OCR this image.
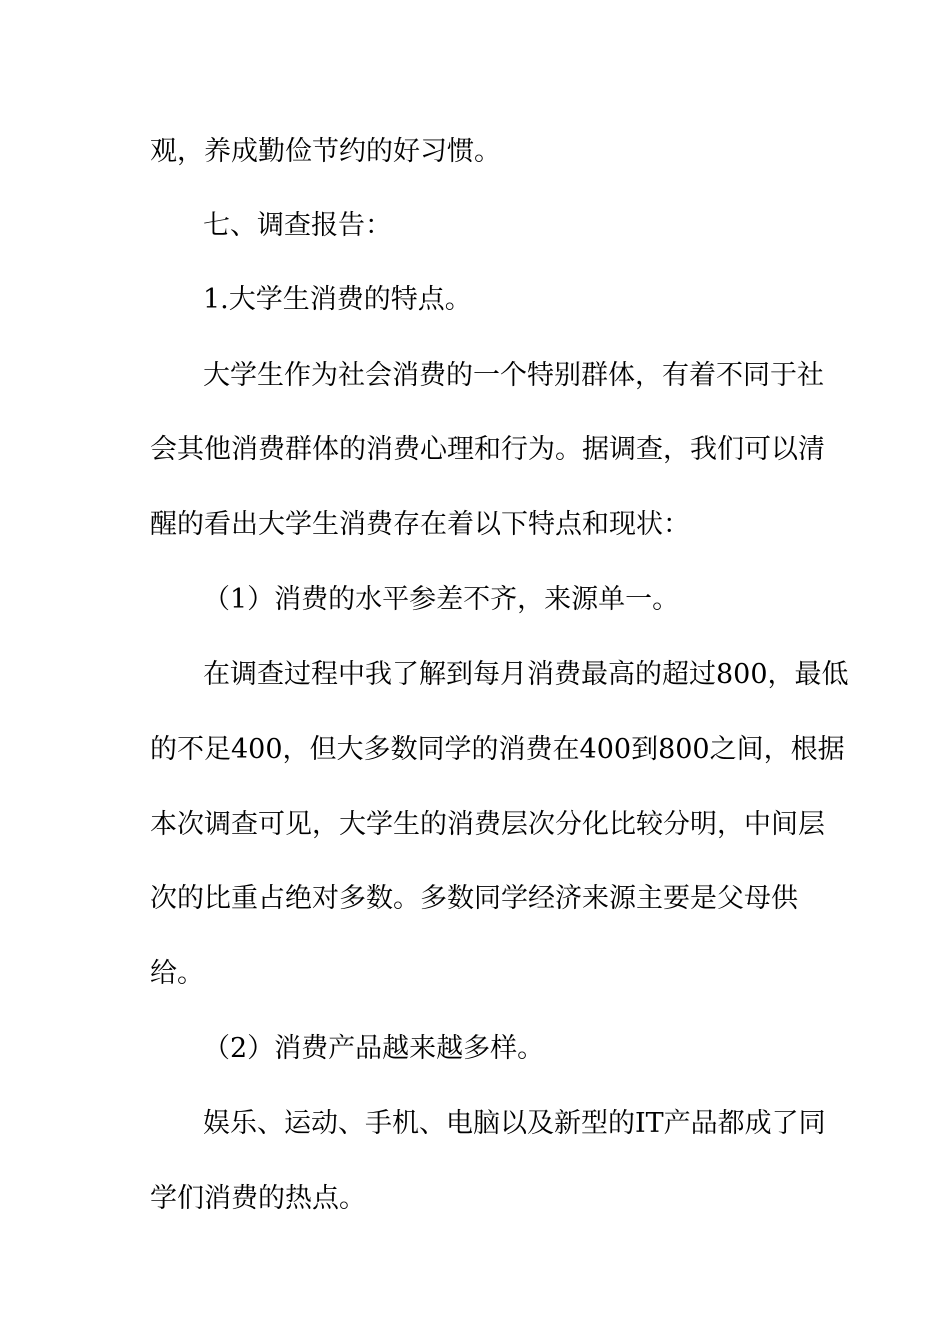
观，养成勤俭节约的好习惯。
七、调查报告：
1.大学生消费的特点。
大学生作为社会消费的一个特别群体，有着不同于社
会其他消费群体的消费心理和行为。据调查，我们可以清
醒的看出大学生消费存在着以下特点和现状：
（1）消费的水平参差不齐，来源单一。
在调查过程中我了解到每月消费最高的超过800，最低
的不足400，但大多数同学的消费在400到800之间，根据
本次调查可见，大学生的消费层次分化比较分明，中间层
次的比重占绝对多数。多数同学经济来源主要是父母供
给。
（2）消费产品越来越多样。
娱乐、运动、手机、电脑以及新型的IT产品都成了同
学们消费的热点。
